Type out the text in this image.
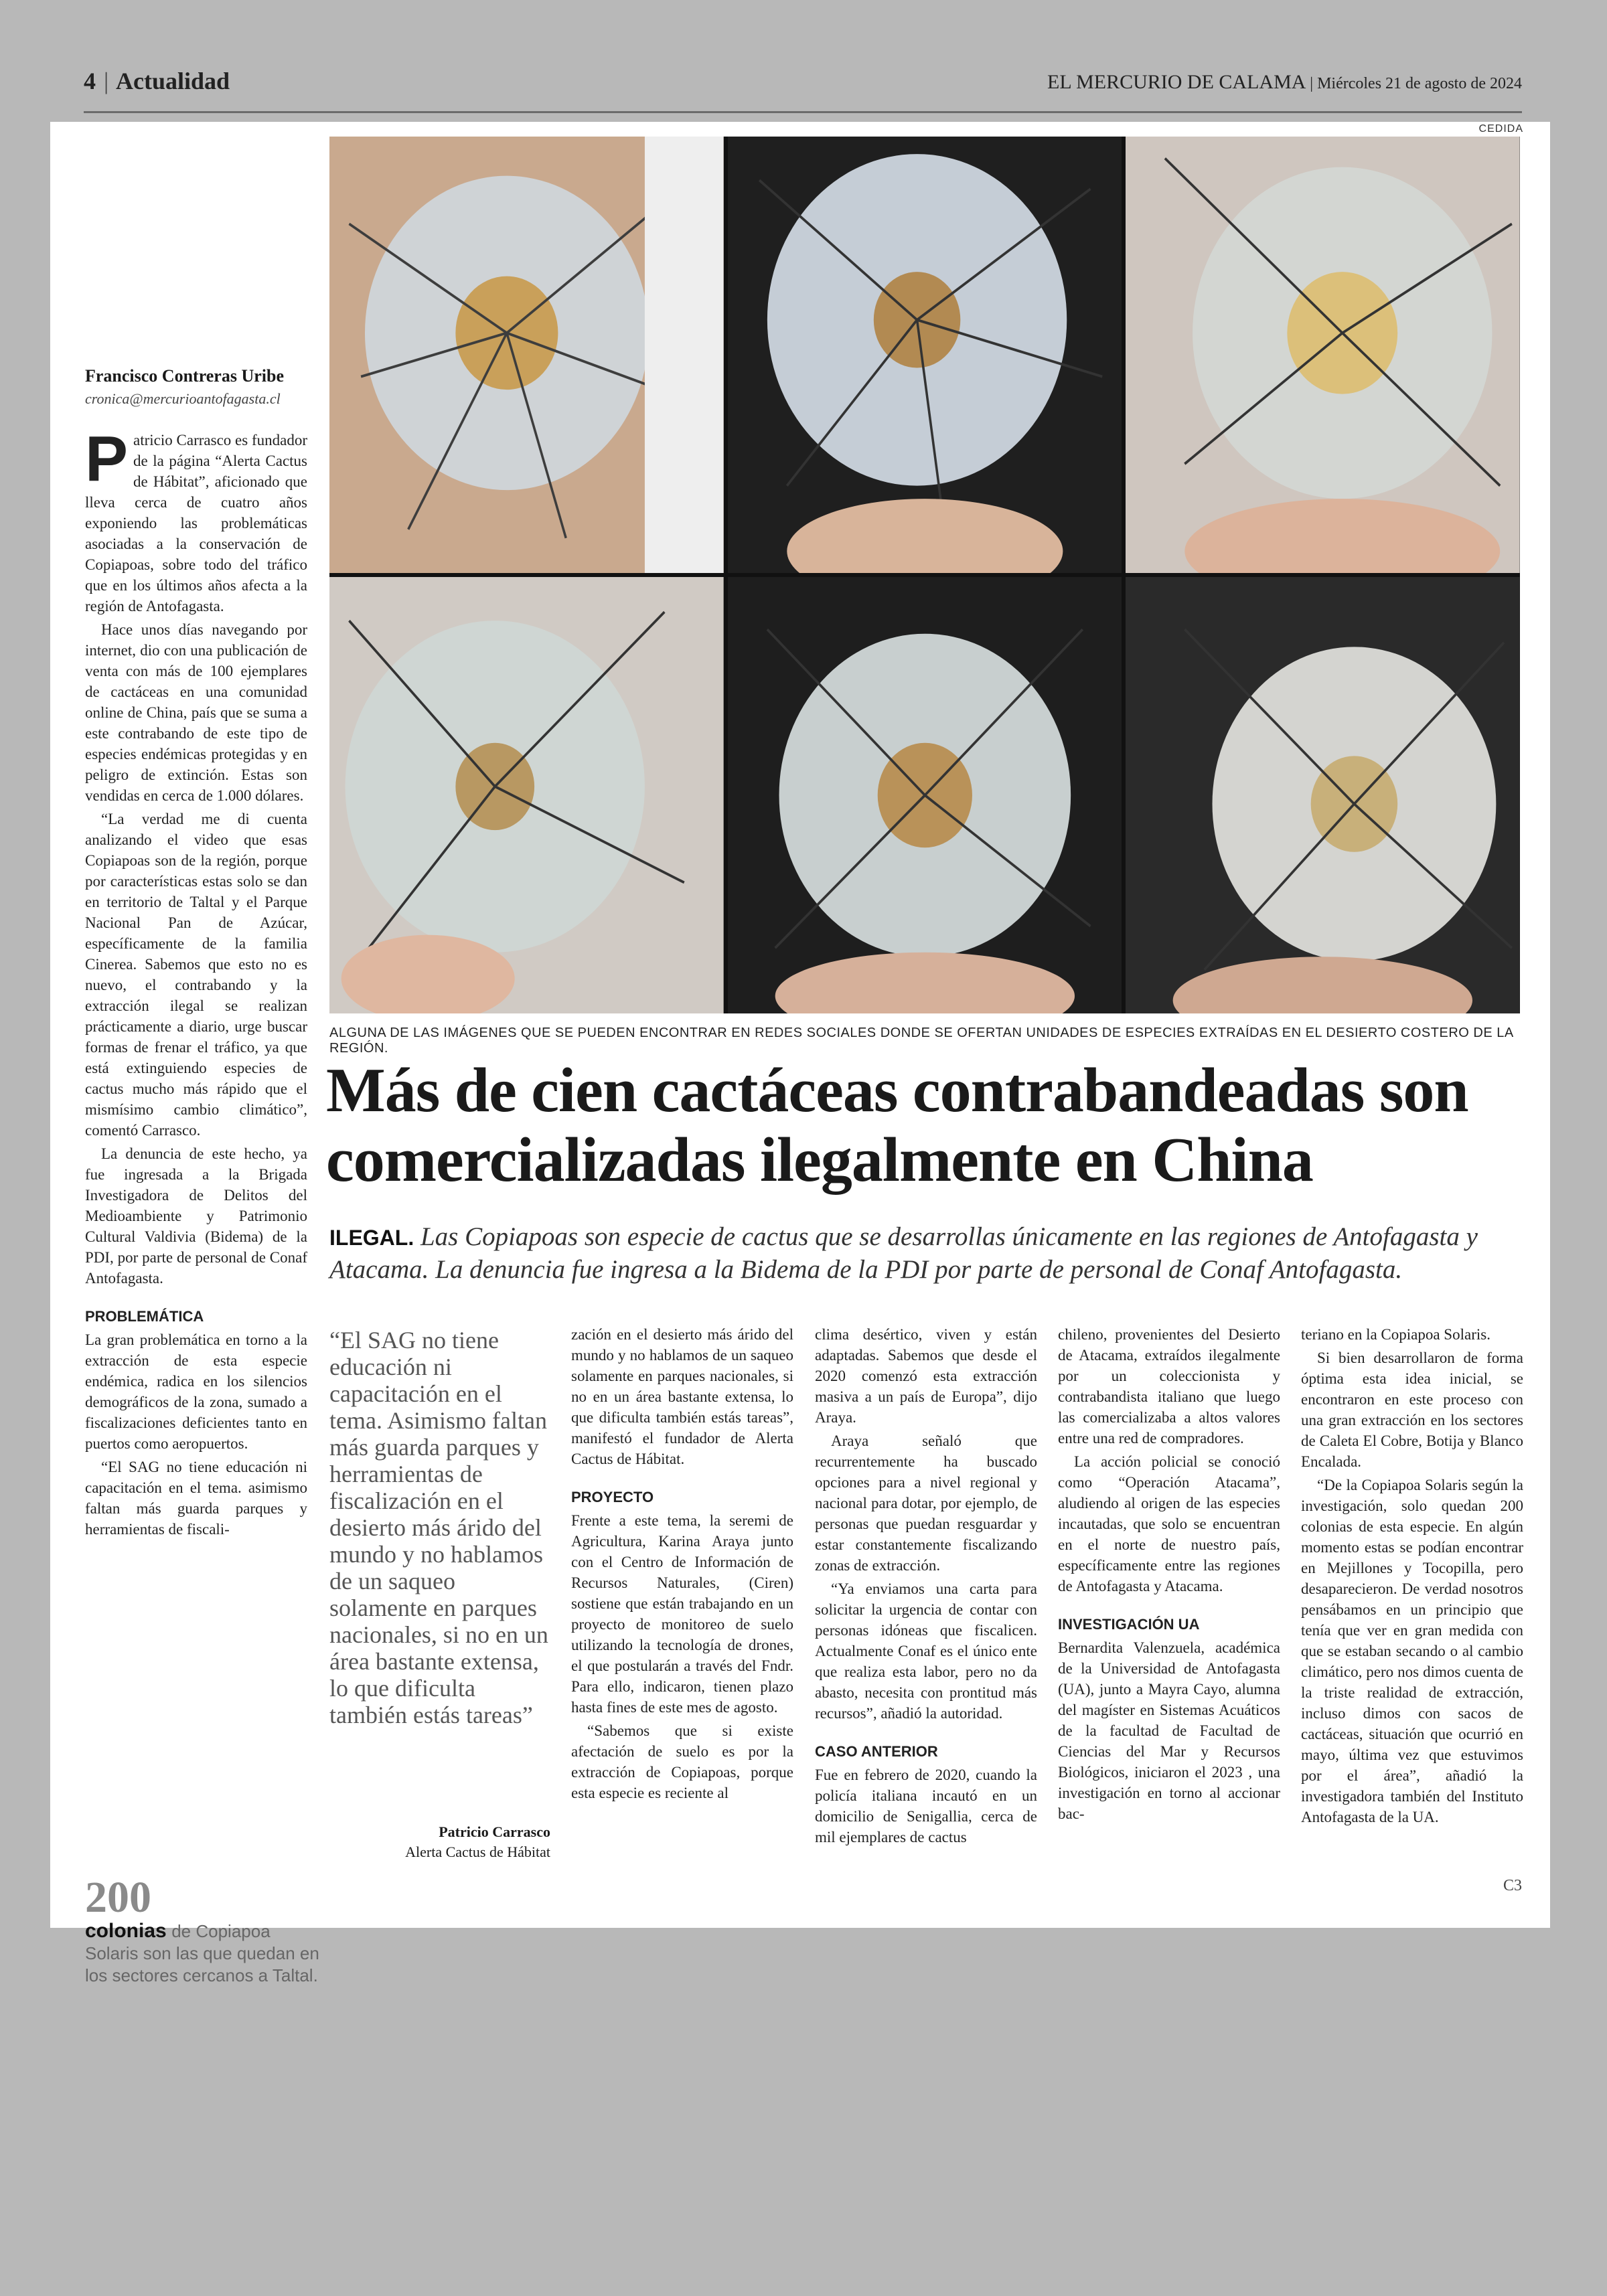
4 | Actualidad	EL MERCURIO DE CALAMA | Miércoles 21 de agosto de 2024
CEDIDA
ALGUNA DE LAS IMÁGENES QUE SE PUEDEN ENCONTRAR EN REDES SOCIALES DONDE SE OFERTAN UNIDADES DE ESPECIES EXTRAÍDAS EN EL DESIERTO COSTERO DE LA REGIÓN.
Más de cien cactáceas contrabandeadas son comercializadas ilegalmente en China
ILEGAL. Las Copiapoas son especie de cactus que se desarrollas únicamente en las regiones de Antofagasta y Atacama. La denuncia fue ingresa a la Bidema de la PDI por parte de personal de Conaf Antofagasta.
Francisco Contreras Uribe
cronica@mercurioantofagasta.cl

Patricio Carrasco es fundador de la página “Alerta Cactus de Hábitat”, aficionado que lleva cerca de cuatro años exponiendo las problemáticas asociadas a la conservación de Copiapoas, sobre todo del tráfico que en los últimos años afecta a la región de Antofagasta.

Hace unos días navegando por internet, dio con una publicación de venta con más de 100 ejemplares de cactáceas en una comunidad online de China, país que se suma a este contrabando de este tipo de especies endémicas protegidas y en peligro de extinción. Estas son vendidas en cerca de 1.000 dólares.

“La verdad me di cuenta analizando el video que esas Copiapoas son de la región, porque por características estas solo se dan en territorio de Taltal y el Parque Nacional Pan de Azúcar, específicamente de la familia Cinerea. Sabemos que esto no es nuevo, el contrabando y la extracción ilegal se realizan prácticamente a diario, urge buscar formas de frenar el tráfico, ya que está extinguiendo especies de cactus mucho más rápido que el mismísimo cambio climático”, comentó Carrasco.

La denuncia de este hecho, ya fue ingresada a la Brigada Investigadora de Delitos del Medioambiente y Patrimonio Cultural Valdivia (Bidema) de la PDI, por parte de personal de Conaf Antofagasta.

PROBLEMÁTICA

La gran problemática en torno a la extracción de esta especie endémica, radica en los silencios demográficos de la zona, sumado a fiscalizaciones deficientes tanto en puertos como aeropuertos.

“El SAG no tiene educación ni capacitación en el tema. asimismo faltan más guarda parques y herramientas de fiscali-

“El SAG no tiene educación ni capacitación en el tema. Asimismo faltan más guarda parques y herramientas de fiscalización en el desierto más árido del mundo y no hablamos de un saqueo solamente en parques nacionales, si no en un área bastante extensa, lo que dificulta también estás tareas”
Patricio Carrasco
Alerta Cactus de Hábitat

zación en el desierto más árido del mundo y no hablamos de un saqueo solamente en parques nacionales, si no en un área bastante extensa, lo que dificulta también estás tareas”, manifestó el fundador de Alerta Cactus de Hábitat.

PROYECTO

Frente a este tema, la seremi de Agricultura, Karina Araya junto con el Centro de Información de Recursos Naturales, (Ciren) sostiene que están trabajando en un proyecto de monitoreo de suelo utilizando la tecnología de drones, el que postularán a través del Fndr. Para ello, indicaron, tienen plazo hasta fines de este mes de agosto.

“Sabemos que si existe afectación de suelo es por la extracción de Copiapoas, porque esta especie es reciente al

clima desértico, viven y están adaptadas. Sabemos que desde el 2020 comenzó esta extracción masiva a un país de Europa”, dijo Araya.

Araya señaló que recurrentemente ha buscado opciones para a nivel regional y nacional para dotar, por ejemplo, de personas que puedan resguardar y estar constantemente fiscalizando zonas de extracción.

“Ya enviamos una carta para solicitar la urgencia de contar con personas idóneas que fiscalicen. Actualmente Conaf es el único ente que realiza esta labor, pero no da abasto, necesita con prontitud más recursos”, añadió la autoridad.

CASO ANTERIOR

Fue en febrero de 2020, cuando la policía italiana incautó en un domicilio de Senigallia, cerca de mil ejemplares de cactus

chileno, provenientes del Desierto de Atacama, extraídos ilegalmente por un coleccionista y contrabandista italiano que luego las comercializaba a altos valores entre una red de compradores.

La acción policial se conoció como “Operación Atacama”, aludiendo al origen de las especies incautadas, que solo se encuentran en el norte de nuestro país, específicamente entre las regiones de Antofagasta y Atacama.

INVESTIGACIÓN UA

Bernardita Valenzuela, académica de la Universidad de Antofagasta (UA), junto a Mayra Cayo, alumna del magíster en Sistemas Acuáticos de la facultad de Facultad de Ciencias del Mar y Recursos Biológicos, iniciaron el 2023 , una investigación en torno al accionar bac-

teriano en la Copiapoa Solaris.

Si bien desarrollaron de forma óptima esta idea inicial, se encontraron en este proceso con una gran extracción en los sectores de Caleta El Cobre, Botija y Blanco Encalada.

“De la Copiapoa Solaris según la investigación, solo quedan 200 colonias de esta especie. En algún momento estas se podían encontrar en Mejillones y Tocopilla, pero desaparecieron. De verdad nosotros pensábamos en un principio que tenía que ver en gran medida con que se estaban secando o al cambio climático, pero nos dimos cuenta de la triste realidad de extracción, incluso dimos con sacos de cactáceas, situación que ocurrió en mayo, última vez que estuvimos por el área”, añadió la investigadora también del Instituto Antofagasta de la UA.

C3
200
colonias de Copiapoa Solaris son las que quedan en los sectores cercanos a Taltal.
